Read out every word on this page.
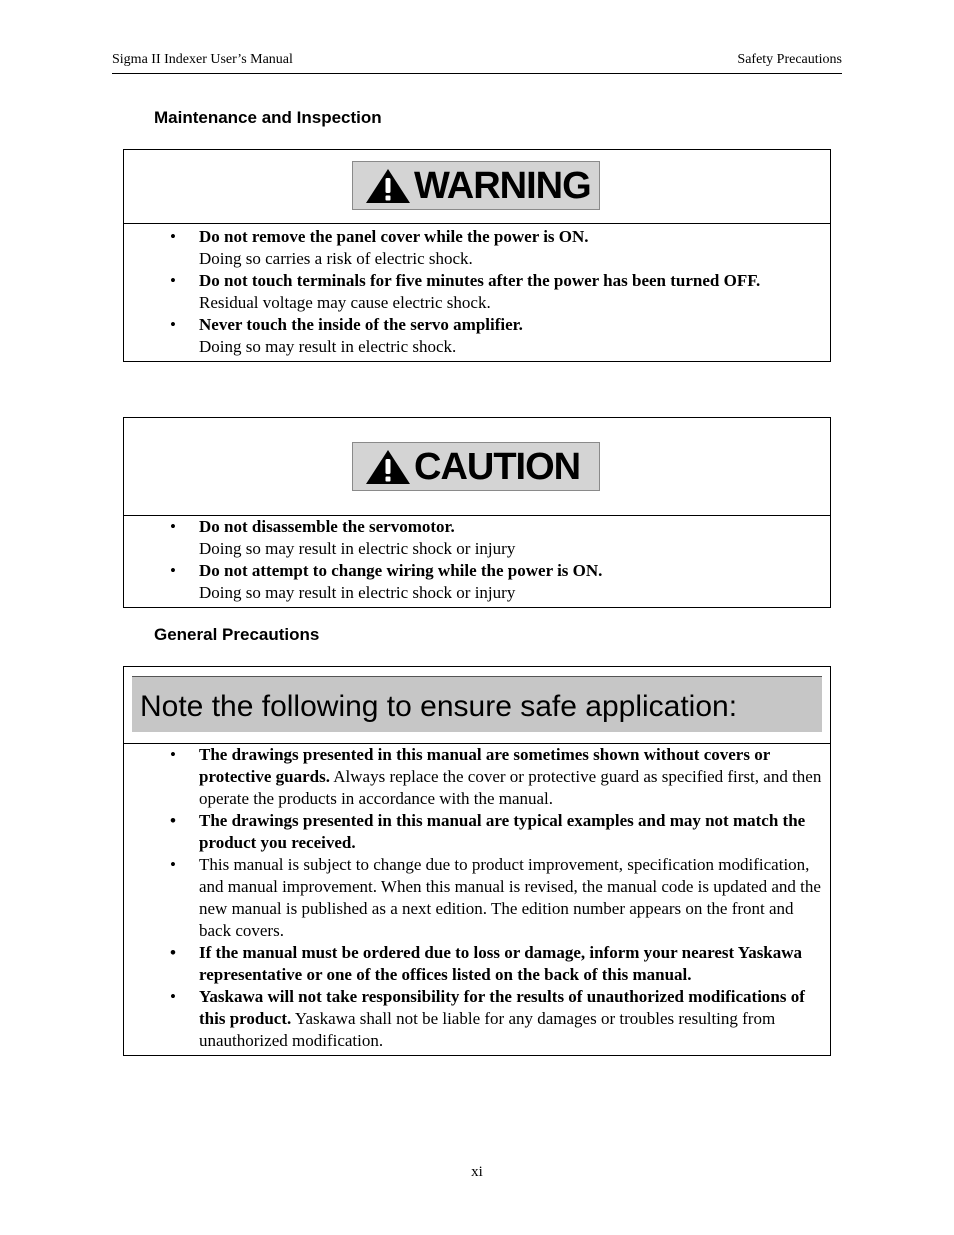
Sigma II Indexer User’s Manual	Safety Precautions
Maintenance and Inspection
WARNING
• Do not remove the panel cover while the power is ON.
Doing so carries a risk of electric shock.
• Do not touch terminals for five minutes after the power has been turned OFF.
Residual voltage may cause electric shock.
• Never touch the inside of the servo amplifier.
Doing so may result in electric shock.
CAUTION
• Do not disassemble the servomotor.
Doing so may result in electric shock or injury
• Do not attempt to change wiring while the power is ON.
Doing so may result in electric shock or injury
General Precautions
Note the following to ensure safe application:
• The drawings presented in this manual are sometimes shown without covers or protective guards. Always replace the cover or protective guard as specified first, and then operate the products in accordance with the manual.
• The drawings presented in this manual are typical examples and may not match the product you received.
• This manual is subject to change due to product improvement, specification modification, and manual improvement. When this manual is revised, the manual code is updated and the new manual is published as a next edition. The edition number appears on the front and back covers.
• If the manual must be ordered due to loss or damage, inform your nearest Yaskawa representative or one of the offices listed on the back of this manual.
• Yaskawa will not take responsibility for the results of unauthorized modifications of this product. Yaskawa shall not be liable for any damages or troubles resulting from unauthorized modification.
xi
